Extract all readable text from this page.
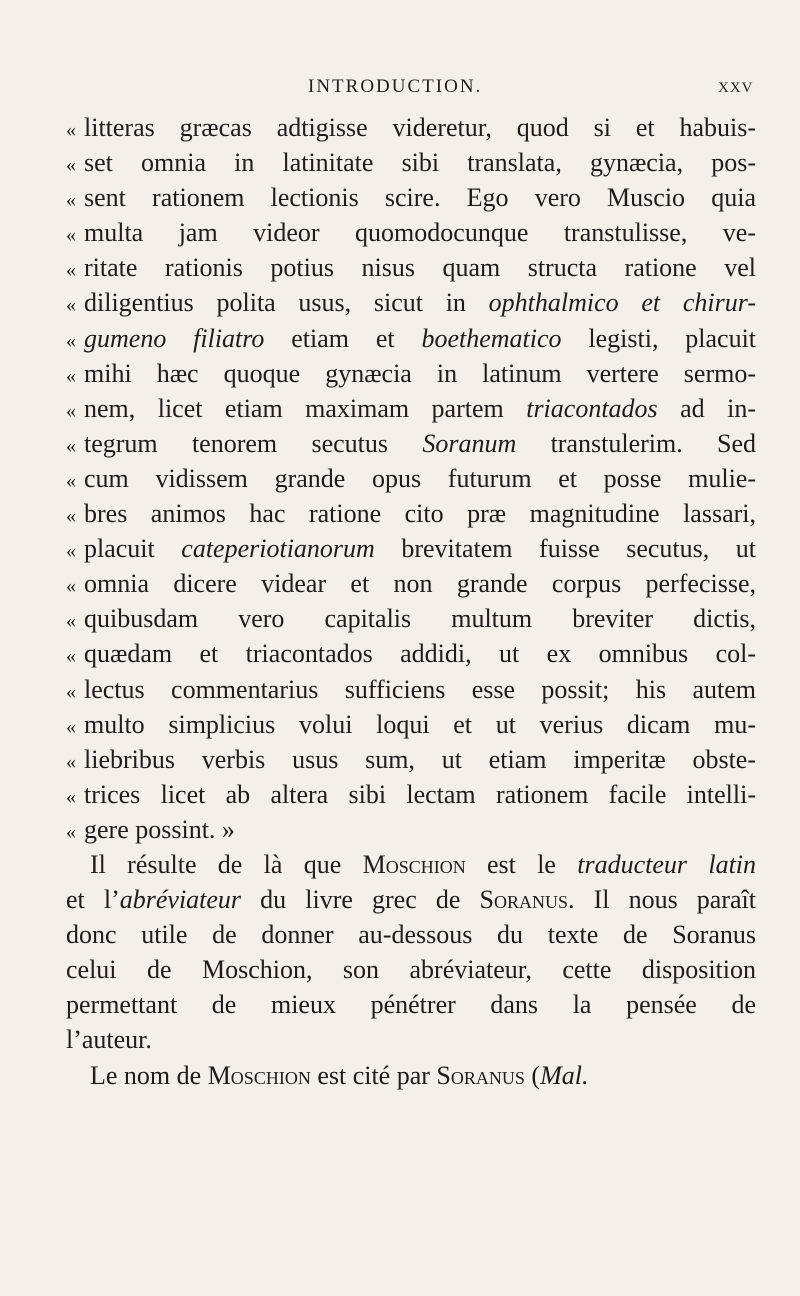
INTRODUCTION.	XXV
« litteras græcas adtigisse videretur, quod si et habuis-
« set omnia in latinitate sibi translata, gynæcia, pos-
« sent rationem lectionis scire. Ego vero Muscio quia
« multa jam videor quomodocunque transtulisse, ve-
« ritate rationis potius nisus quam structa ratione vel
« diligentius polita usus, sicut in ophthalmico et chirur-
« gumeno filiatro etiam et boethematico legisti, placuit
« mihi hæc quoque gynæcia in latinum vertere sermo-
« nem, licet etiam maximam partem triacontados ad in-
« tegrum tenorem secutus Soranum transtulerim. Sed
« cum vidissem grande opus futurum et posse mulie-
« bres animos hac ratione cito præ magnitudine lassari,
« placuit cateperiotianorum brevitatem fuisse secutus, ut
« omnia dicere videar et non grande corpus perfecisse,
« quibusdam vero capitalis multum breviter dictis,
« quædam et triacontados addidi, ut ex omnibus col-
« lectus commentarius sufficiens esse possit; his autem
« multo simplicius volui loqui et ut verius dicam mu-
« liebribus verbis usus sum, ut etiam imperitæ obste-
« trices licet ab altera sibi lectam rationem facile intelli-
« gere possint. »
Il résulte de là que Moschion est le traducteur latin
et l’abréviateur du livre grec de Soranus. Il nous paraît
donc utile de donner au-dessous du texte de Soranus
celui de Moschion, son abréviateur, cette disposition
permettant de mieux pénétrer dans la pensée de
l’auteur.
Le nom de Moschion est cité par Soranus (Mal.
